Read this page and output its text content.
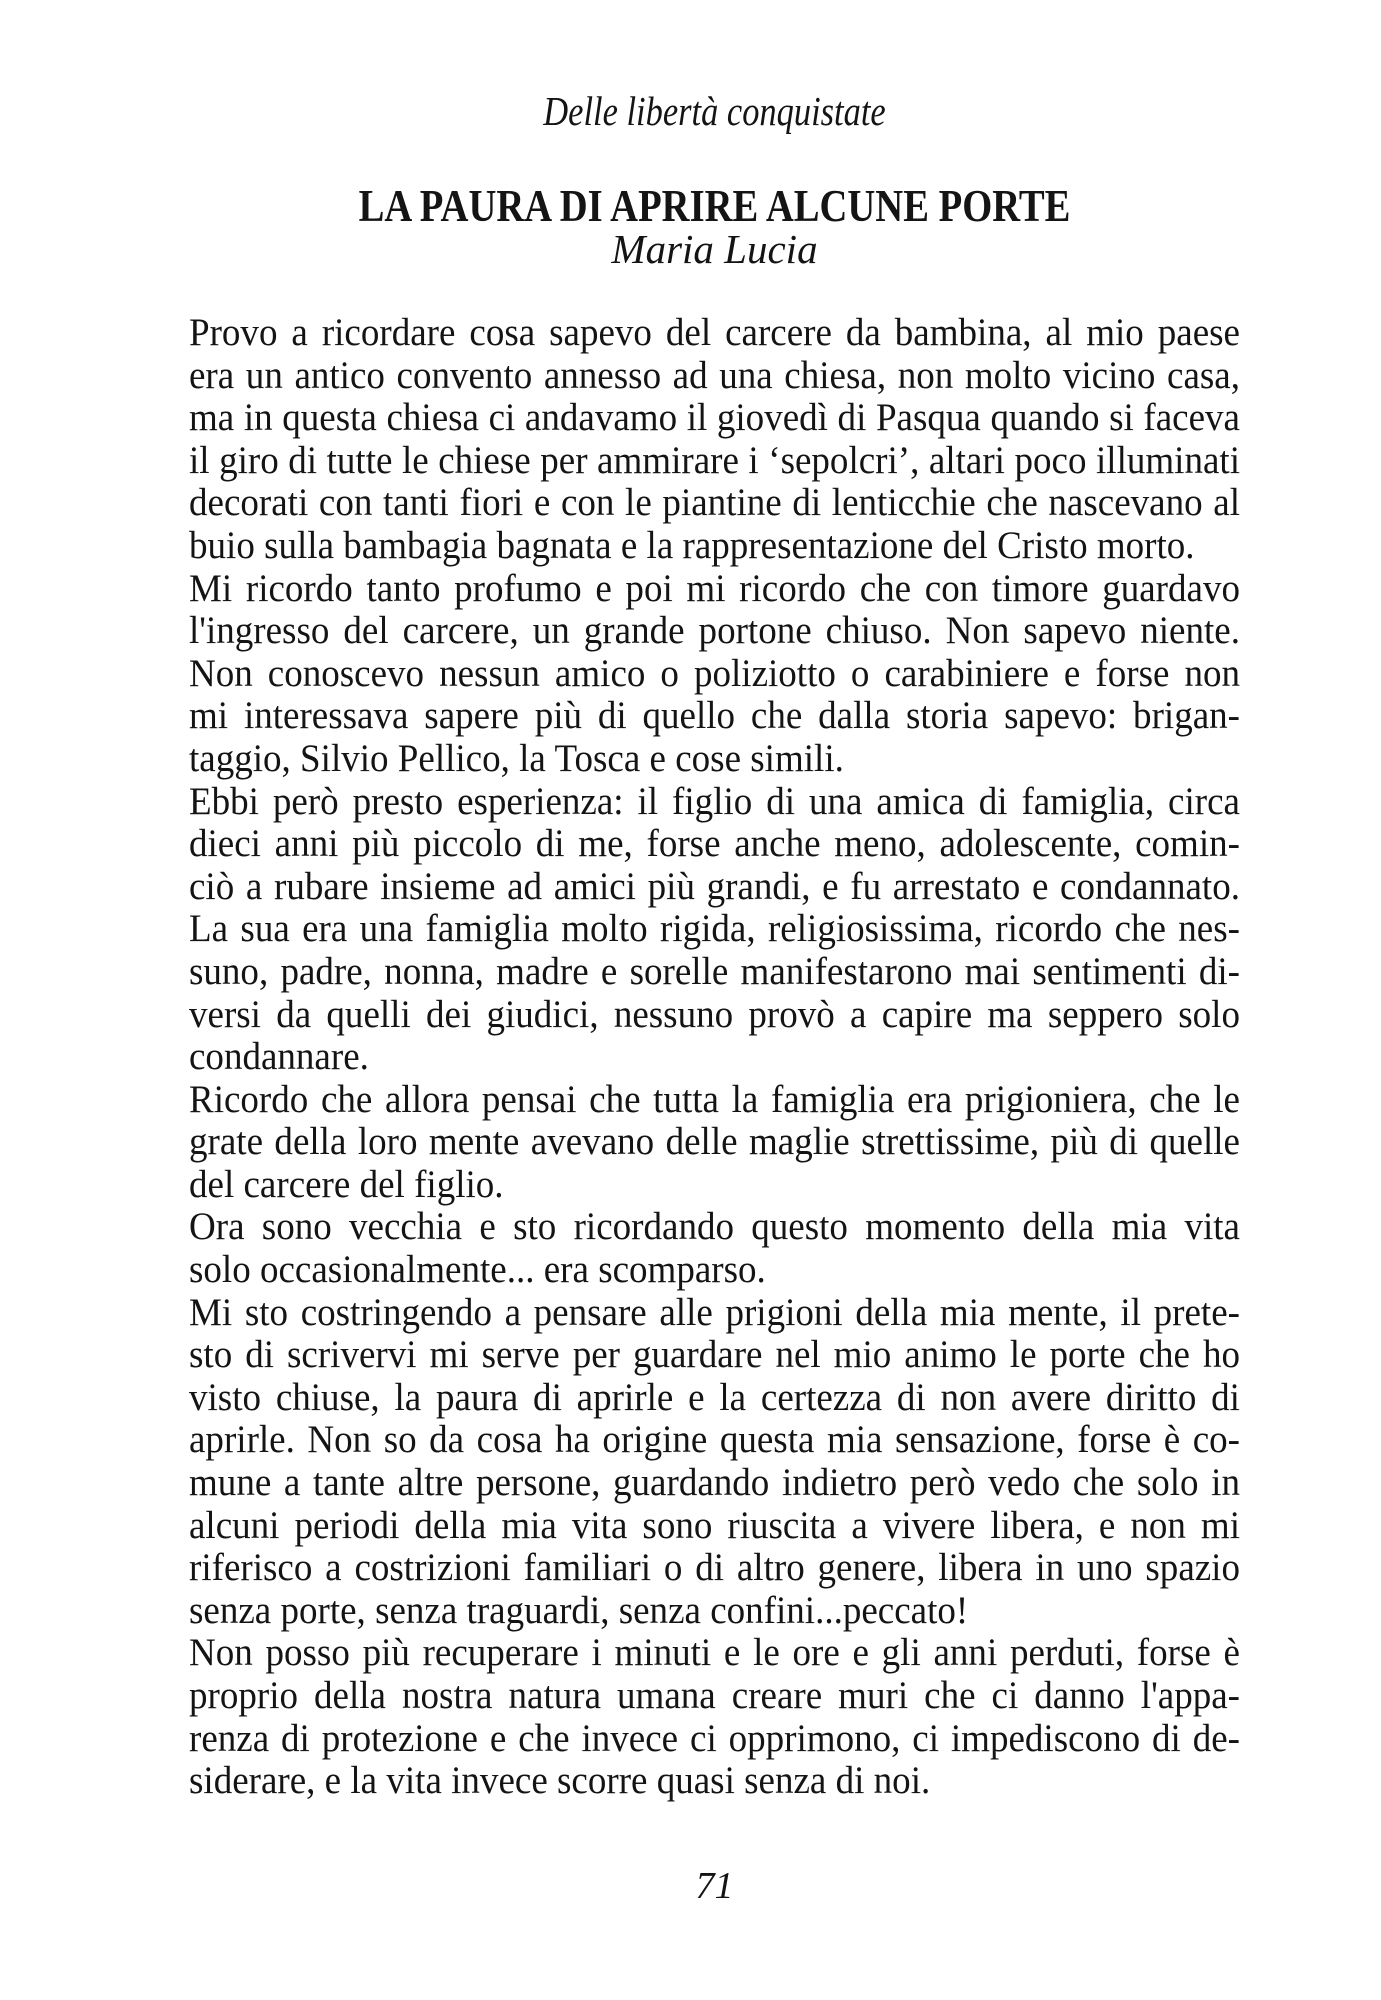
Delle libertà conquistate
LA PAURA DI APRIRE ALCUNE PORTE
Maria Lucia
Provo a ricordare cosa sapevo del carcere da bambina, al mio paese
era un antico convento annesso ad una chiesa, non molto vicino casa,
ma in questa chiesa ci andavamo il giovedì di Pasqua quando si faceva
il giro di tutte le chiese per ammirare i ‘sepolcri’, altari poco illuminati
decorati con tanti fiori e con le piantine di lenticchie che nascevano al
buio sulla bambagia bagnata e la rappresentazione del Cristo morto.
Mi ricordo tanto profumo e poi mi ricordo che con timore guardavo
l'ingresso del carcere, un grande portone chiuso. Non sapevo niente.
Non conoscevo nessun amico o poliziotto o carabiniere e forse non
mi interessava sapere più di quello che dalla storia sapevo: brigan-
taggio, Silvio Pellico, la Tosca e cose simili.
Ebbi però presto esperienza: il figlio di una amica di famiglia, circa
dieci anni più piccolo di me, forse anche meno, adolescente, comin-
ciò a rubare insieme ad amici più grandi, e fu arrestato e condannato.
La sua era una famiglia molto rigida, religiosissima, ricordo che nes-
suno, padre, nonna, madre e sorelle manifestarono mai sentimenti di-
versi da quelli dei giudici, nessuno provò a capire ma seppero solo
condannare.
Ricordo che allora pensai che tutta la famiglia era prigioniera, che le
grate della loro mente avevano delle maglie strettissime, più di quelle
del carcere del figlio.
Ora sono vecchia e sto ricordando questo momento della mia vita
solo occasionalmente... era scomparso.
Mi sto costringendo a pensare alle prigioni della mia mente, il prete-
sto di scrivervi mi serve per guardare nel mio animo le porte che ho
visto chiuse, la paura di aprirle e la certezza di non avere diritto di
aprirle. Non so da cosa ha origine questa mia sensazione, forse è co-
mune a tante altre persone, guardando indietro però vedo che solo in
alcuni periodi della mia vita sono riuscita a vivere libera, e non mi
riferisco a costrizioni familiari o di altro genere, libera in uno spazio
senza porte, senza traguardi, senza confini...peccato!
Non posso più recuperare i minuti e le ore e gli anni perduti, forse è
proprio della nostra natura umana creare muri che ci danno l'appa-
renza di protezione e che invece ci opprimono, ci impediscono di de-
siderare, e la vita invece scorre quasi senza di noi.
71
